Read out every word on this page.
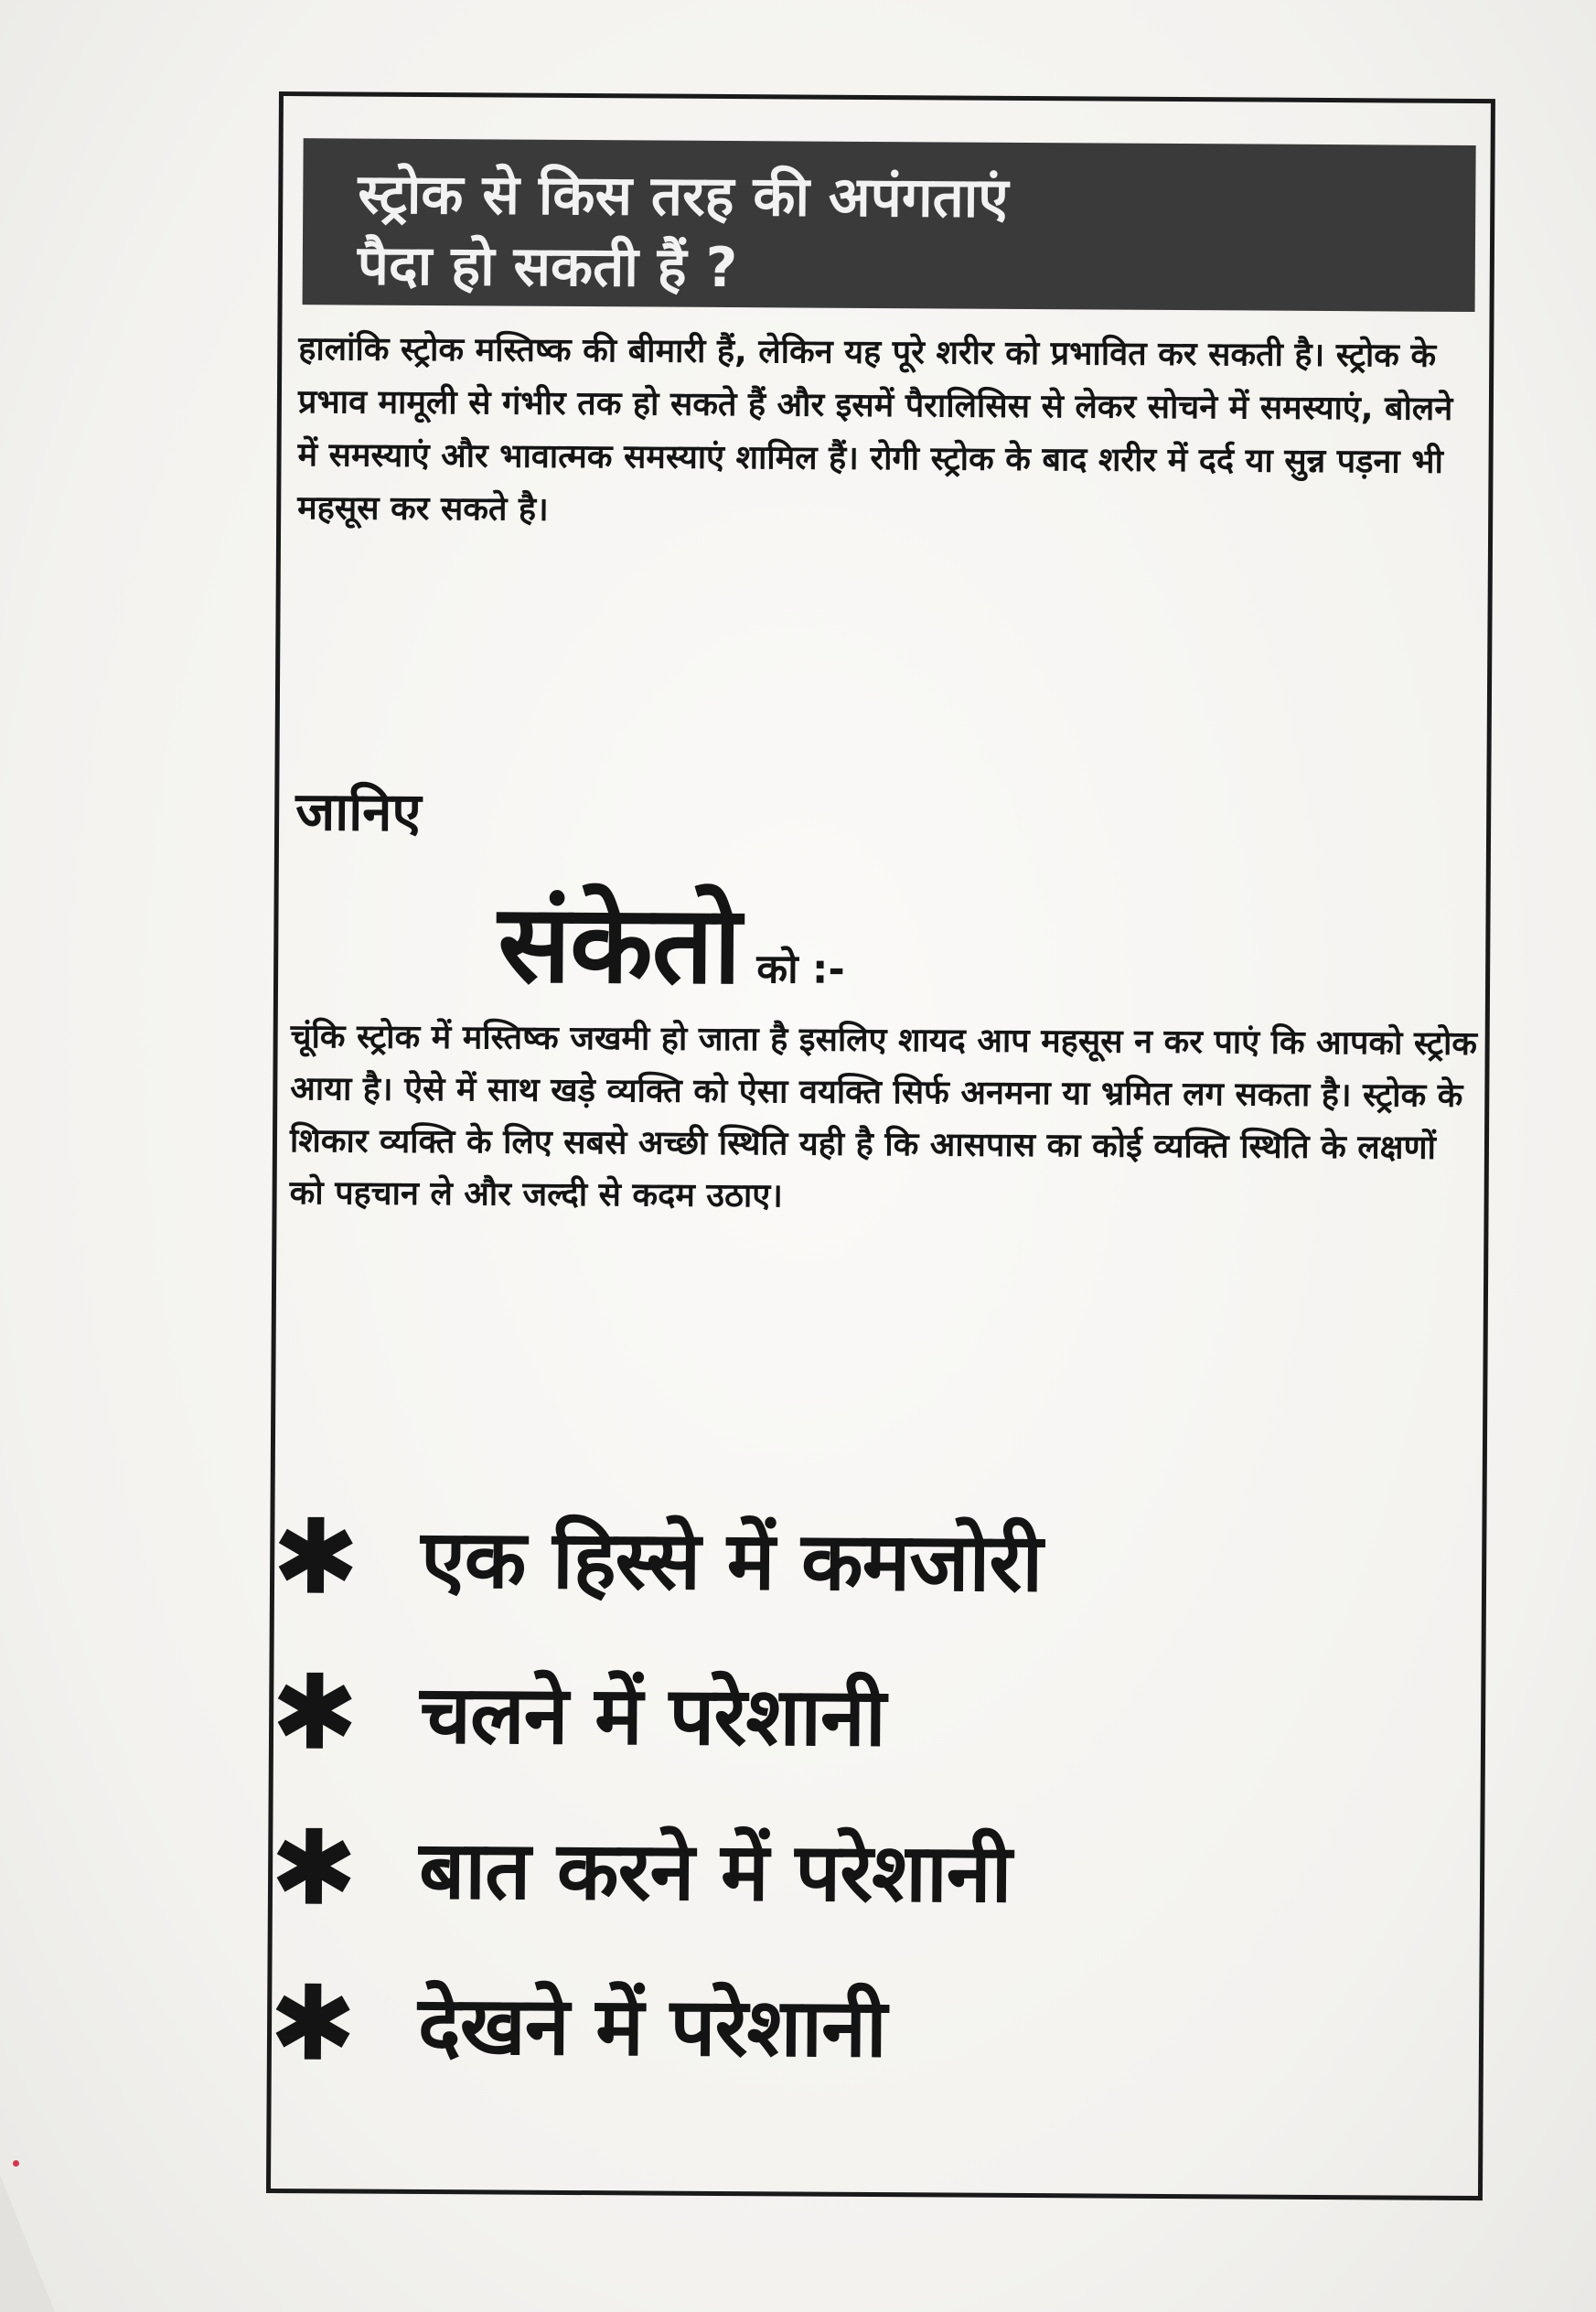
स्ट्रोक से किस तरह की अपंगताएं

पैदा हो सकती हैं ?

हालांकि स्ट्रोक मस्तिष्क की बीमारी हैं, लेकिन यह पूरे शरीर को प्रभावित कर सकती है। स्ट्रोक के प्रभाव मामूली से गंभीर तक हो सकते हैं और इसमें पैरालिसिस से लेकर सोचने में समस्याएं, बोलने में समस्याएं और भावात्मक समस्याएं शामिल हैं। रोगी स्ट्रोक के बाद शरीर में दर्द या सुन्न पड़ना भी महसूस कर सकते है।

जानिए

संकेतो को :-

चूंकि स्ट्रोक में मस्तिष्क जखमी हो जाता है इसलिए शायद आप महसूस न कर पाएं कि आपको स्ट्रोक आया है। ऐसे में साथ खड़े व्यक्ति को ऐसा वयक्ति सिर्फ अनमना या भ्रमित लग सकता है। स्ट्रोक के शिकार व्यक्ति के लिए सबसे अच्छी स्थिति यही है कि आसपास का कोई व्यक्ति स्थिति के लक्षणों को पहचान ले और जल्दी से कदम उठाए।

एक हिस्से में कमजोरी
चलने में परेशानी
बात करने में परेशानी
देखने में परेशानी
